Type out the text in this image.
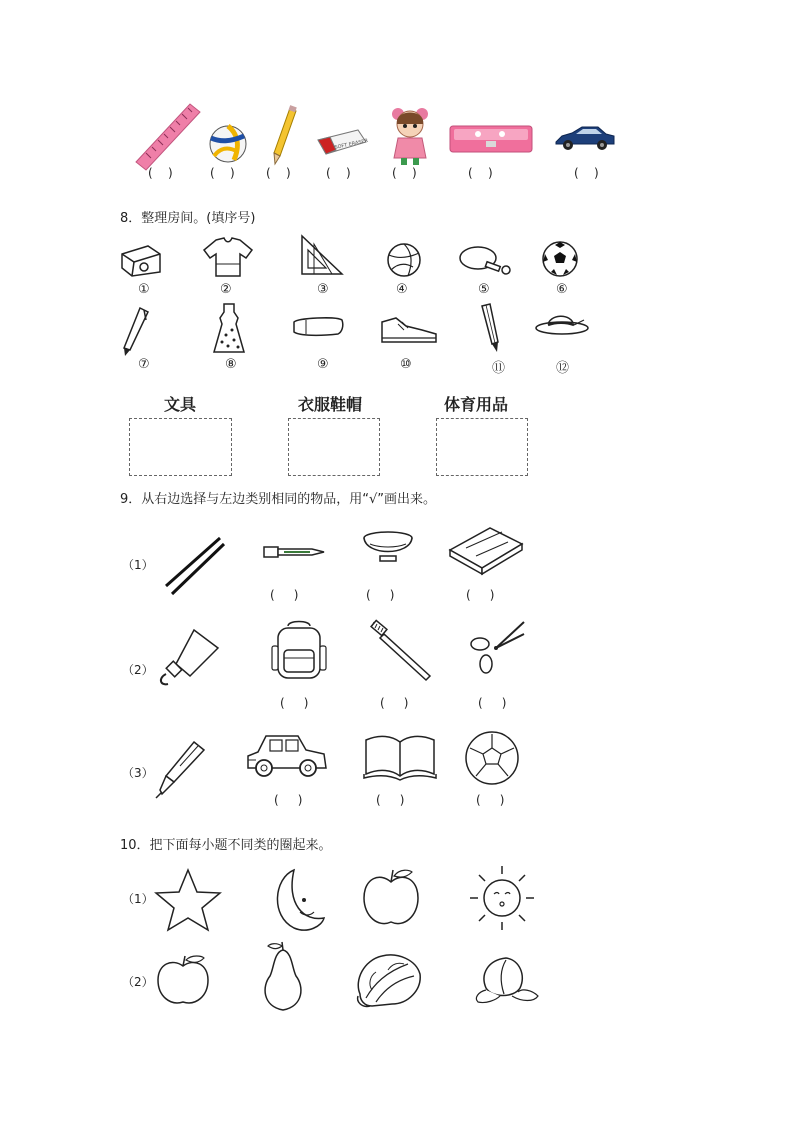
SOFT ERASER
(    )	(    )	(    )	(    )	(    )	(    )	(    )
8．整理房间。(填序号)
①	②	③	④	⑤	⑥
⑦	⑧	⑨	⑩	⑪	⑫
文具	衣服鞋帽	体育用品
9．从右边选择与左边类别相同的物品，用“√”画出来。
（1）
（2）
（3）
(     )	(     )	(     )
(     )	(     )	(     )
(     )	(     )	(     )
10．把下面每小题不同类的圈起来。
（1）
（2）
